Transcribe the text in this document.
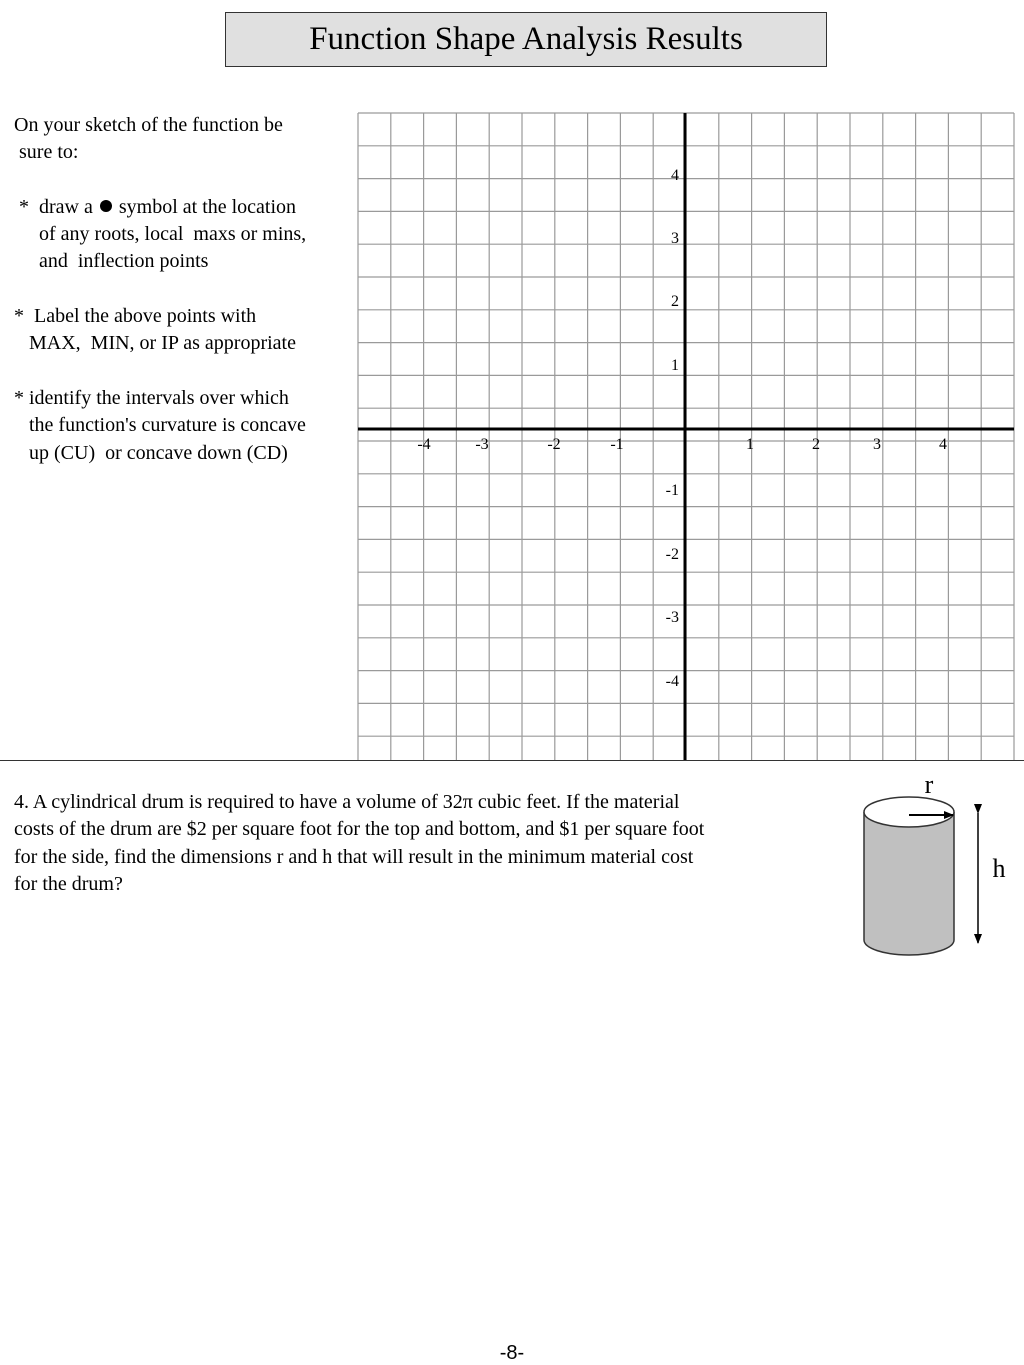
Function Shape Analysis Results
On your sketch of the function be
sure to:
*  draw a  symbol at the location
of any roots, local  maxs or mins,
and  inflection points
*  Label the above points with
MAX,  MIN, or IP as appropriate
* identify the intervals over which
the function's curvature is concave
up (CU)  or concave down (CD)	-4	-3	-2	-1	1	2	3	4
4
3
2
1
-1
-2
-3
-4
4. A cylindrical drum is required to have a volume of 32π cubic feet. If the material
costs of the drum are $2 per square foot for the top and bottom, and $1 per square foot
for the side, find the dimensions r and h that will result in the minimum material cost
for the drum?
r
h
-8-
